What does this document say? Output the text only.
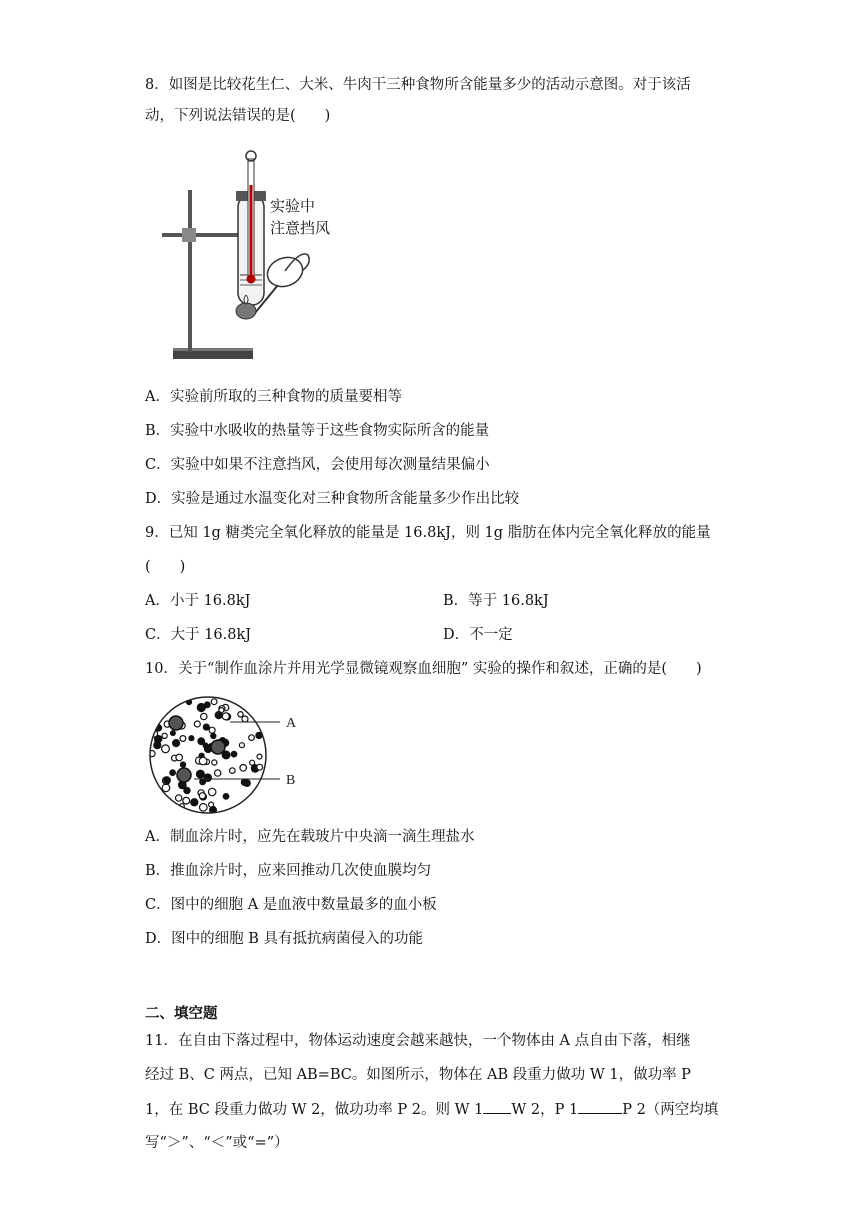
8．如图是比较花生仁、大米、牛肉干三种食物所含能量多少的活动示意图。对于该活
动，下列说法错误的是(　　)
实验中
注意挡风
A．实验前所取的三种食物的质量要相等
B．实验中水吸收的热量等于这些食物实际所含的能量
C．实验中如果不注意挡风，会使用每次测量结果偏小
D．实验是通过水温变化对三种食物所含能量多少作出比较
9．已知 1g 糖类完全氧化释放的能量是 16.8kJ，则 1g 脂肪在体内完全氧化释放的能量
(　　)
A．小于 16.8kJ	B．等于 16.8kJ
C．大于 16.8kJ	D．不一定
10．关于“制作血涂片并用光学显微镜观察血细胞” 实验的操作和叙述，正确的是(　　)
A
B
A．制血涂片时，应先在载玻片中央滴一滴生理盐水
B．推血涂片时，应来回推动几次使血膜均匀
C．图中的细胞 A 是血液中数量最多的血小板
D．图中的细胞 B 具有抵抗病菌侵入的功能
二、填空题
11．在自由下落过程中，物体运动速度会越来越快，一个物体由 A 点自由下落，相继
经过 B、C 两点，已知 AB=BC。如图所示，物体在 AB 段重力做功 W 1，做功率 P
1，在 BC 段重力做功 W 2，做功功率 P 2。则 W 1 W 2，P 1	P 2（两空均填
写“＞”、“＜”或“=”）
